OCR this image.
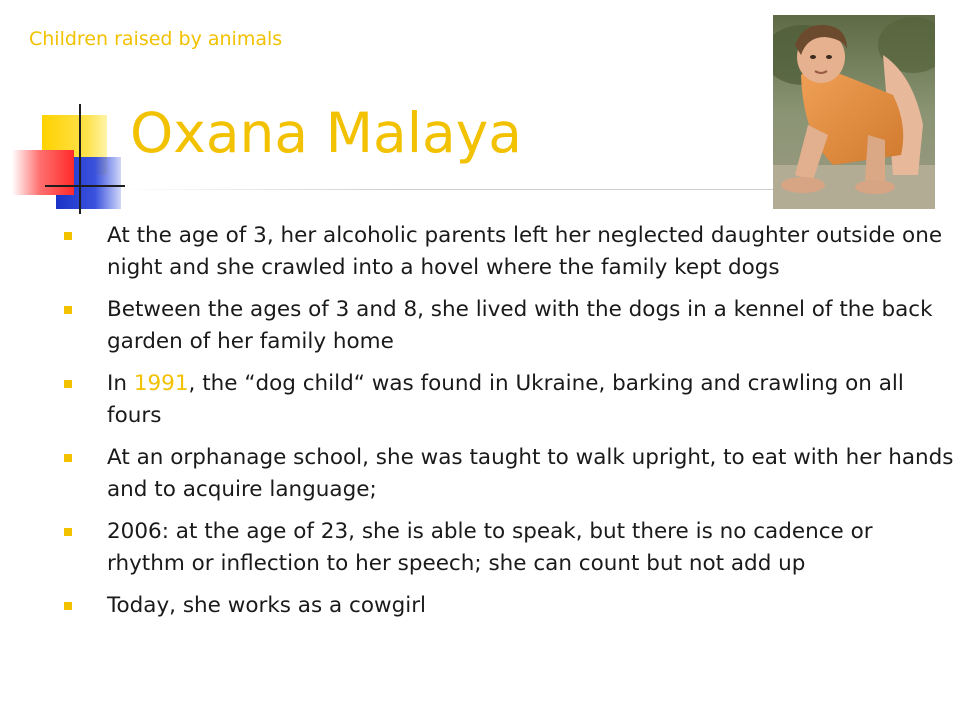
Children raised by animals
Oxana Malaya
At the age of 3, her alcoholic parents left her neglected daughter outside one night and she crawled into a hovel where the family kept dogs
Between the ages of 3 and 8, she lived with the dogs in a kennel of the back garden of her family home
In 1991, the “dog child“ was found in Ukraine, barking and crawling on all fours
At an orphanage school, she was taught to walk upright, to eat with her hands and to acquire language;
2006: at the age of 23, she is able to speak, but there is no cadence or rhythm or inflection to her speech; she can count but not add up
Today, she works as a cowgirl
